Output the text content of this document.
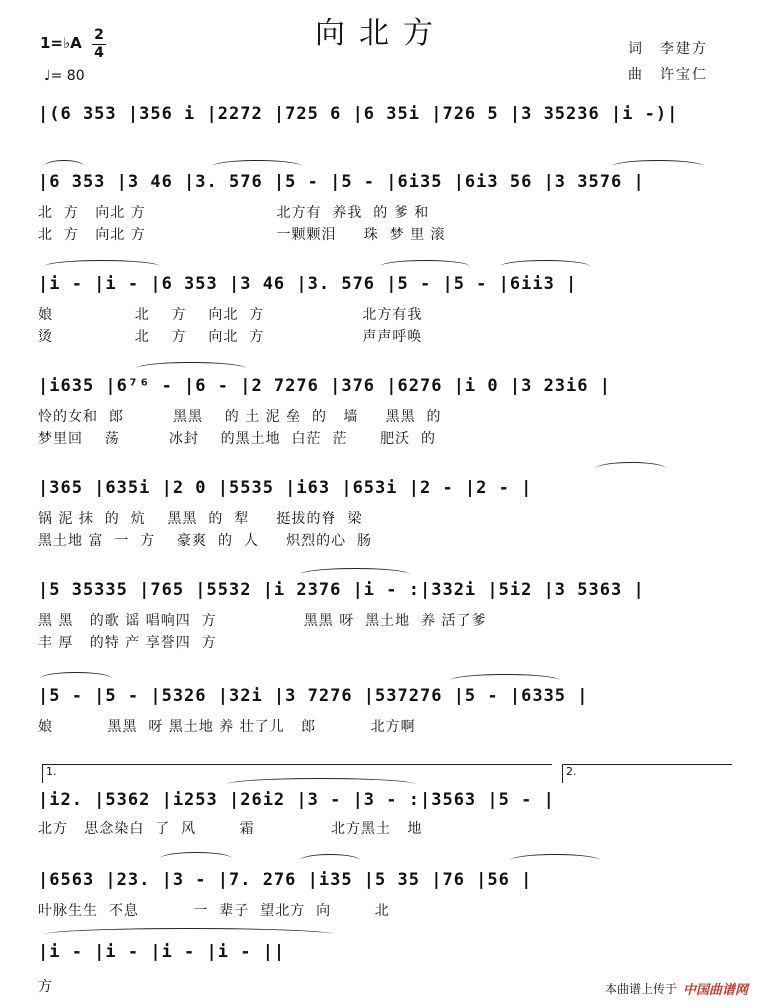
向北方
1=♭A 2
4
♩= 80
词　李建方
曲　许宝仁
|(6 353 |356 i |2272 |725 6 |6 35i |726 5 |3 35236 |i -)|
|6 353 |3 46 |3. 576 |5 - |5 - |6i35 |6i3 56 |3 3576 |
北  方   向北 方                        北方有  养我  的 爹 和
北  方   向北 方                        一颗颗泪     珠  梦 里 滚
|i - |i - |6 353 |3 46 |3. 576 |5 - |5 - |6ii3 |
娘               北    方    向北  方                  北方有我
烫               北    方    向北  方                  声声呼唤
|i635 |6⁷⁶ - |6 - |2 7276 |376 |6276 |i 0 |3 23i6 |
怜的女和  郎         黑黑    的 土 泥 垒  的   墙     黑黑  的
梦里回    荡         冰封    的黑土地  白茫  茫      肥沃  的
|365 |635i |2 0 |5535 |i63 |653i |2 - |2 - |
锅 泥 抹  的  炕    黑黑  的  犁     挺拔的脊  梁
黑土地 富  一  方    豪爽  的  人     炽烈的心  肠
|5 35335 |765 |5532 |i 2376 |i - :|332i |5i2 |3 5363 |
黑 黑   的歌 谣 唱响四  方                黑黑 呀  黑土地  养 活了爹
丰 厚   的特 产 享誉四  方
|5 - |5 - |5326 |32i |3 7276 |537276 |5 - |6335 |
娘          黑黑  呀 黑土地 养 壮了儿   郎          北方啊
1.	2.
|i2. |5362 |i253 |26i2 |3 - |3 - :|3563 |5 - |
北方   思念染白  了  风        霜              北方黑土   地
|6563 |23. |3 - |7. 276 |i35 |5 35 |76 |56 |
叶脉生生  不息          一  辈子  望北方  向        北
|i - |i - |i - |i - ||
方	本曲谱上传于 中国曲谱网
